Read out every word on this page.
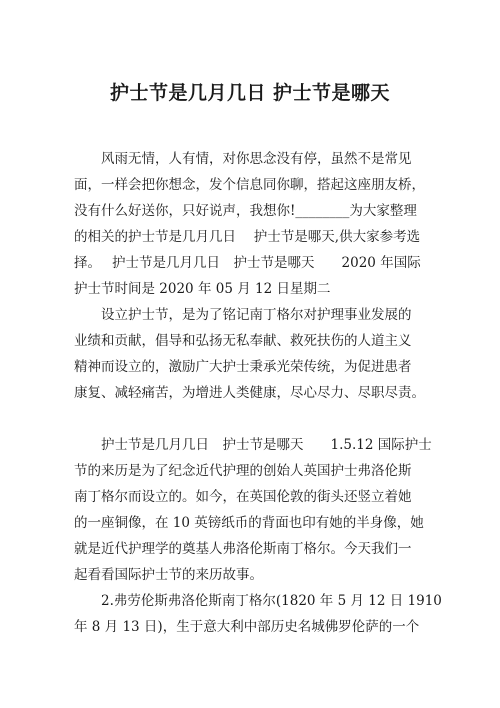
护士节是几月几日 护士节是哪天
　　风雨无情，人有情，对你思念没有停，虽然不是常见
面，一样会把你想念，发个信息同你聊，搭起这座朋友桥，
没有什么好送你，只好说声，我想你!________为大家整理
的相关的护士节是几月几日　 护士节是哪天,供大家参考选
择。　 护士节是几月几日　护士节是哪天　　2020 年国际
护士节时间是 2020 年 05 月 12 日星期二
　　设立护士节，是为了铭记南丁格尔对护理事业发展的
业绩和贡献，倡导和弘扬无私奉献、救死扶伤的人道主义
精神而设立的，激励广大护士秉承光荣传统，为促进患者
康复、减轻痛苦，为增进人类健康，尽心尽力、尽职尽责。
　　护士节是几月几日　护士节是哪天　　1.5.12 国际护士
节的来历是为了纪念近代护理的创始人英国护士弗洛伦斯
南丁格尔而设立的。如今，在英国伦敦的街头还竖立着她
的一座铜像，在 10 英镑纸币的背面也印有她的半身像，她
就是近代护理学的奠基人弗洛伦斯南丁格尔。今天我们一
起看看国际护士节的来历故事。
　　2.弗劳伦斯弗洛伦斯南丁格尔(1820 年 5 月 12 日 1910
年 8 月 13 日)，生于意大利中部历史名城佛罗伦萨的一个
